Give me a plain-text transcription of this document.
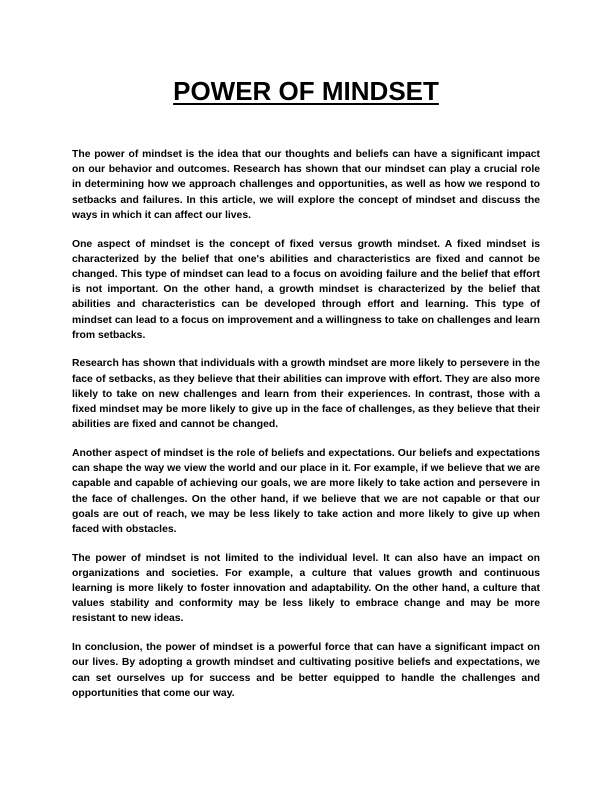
POWER OF MINDSET

The power of mindset is the idea that our thoughts and beliefs can have a significant impact on our behavior and outcomes. Research has shown that our mindset can play a crucial role in determining how we approach challenges and opportunities, as well as how we respond to setbacks and failures. In this article, we will explore the concept of mindset and discuss the ways in which it can affect our lives.

One aspect of mindset is the concept of fixed versus growth mindset. A fixed mindset is characterized by the belief that one's abilities and characteristics are fixed and cannot be changed. This type of mindset can lead to a focus on avoiding failure and the belief that effort is not important. On the other hand, a growth mindset is characterized by the belief that abilities and characteristics can be developed through effort and learning. This type of mindset can lead to a focus on improvement and a willingness to take on challenges and learn from setbacks.

Research has shown that individuals with a growth mindset are more likely to persevere in the face of setbacks, as they believe that their abilities can improve with effort. They are also more likely to take on new challenges and learn from their experiences. In contrast, those with a fixed mindset may be more likely to give up in the face of challenges, as they believe that their abilities are fixed and cannot be changed.

Another aspect of mindset is the role of beliefs and expectations. Our beliefs and expectations can shape the way we view the world and our place in it. For example, if we believe that we are capable and capable of achieving our goals, we are more likely to take action and persevere in the face of challenges. On the other hand, if we believe that we are not capable or that our goals are out of reach, we may be less likely to take action and more likely to give up when faced with obstacles.

The power of mindset is not limited to the individual level. It can also have an impact on organizations and societies. For example, a culture that values growth and continuous learning is more likely to foster innovation and adaptability. On the other hand, a culture that values stability and conformity may be less likely to embrace change and may be more resistant to new ideas.

In conclusion, the power of mindset is a powerful force that can have a significant impact on our lives. By adopting a growth mindset and cultivating positive beliefs and expectations, we can set ourselves up for success and be better equipped to handle the challenges and opportunities that come our way.
